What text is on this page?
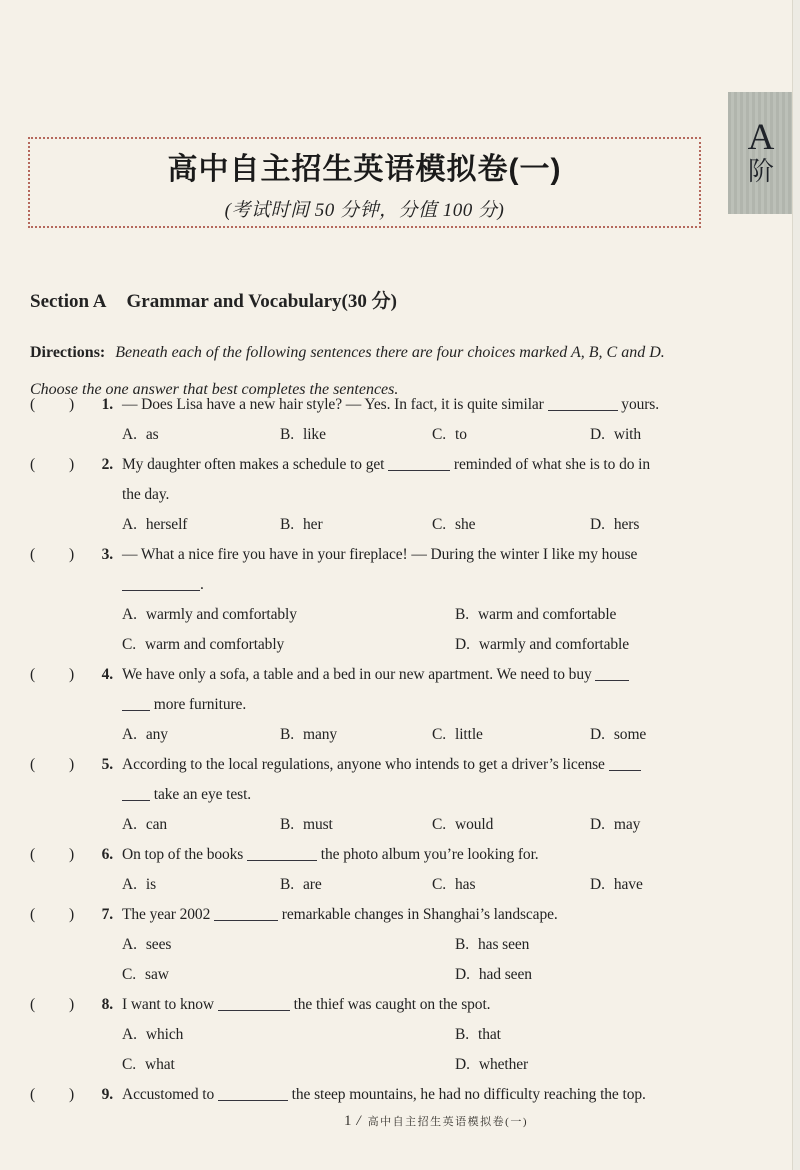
高中自主招生英语模拟卷(一)
(考试时间 50 分钟，分值 100 分)
A
阶
Section A Grammar and Vocabulary(30 分)
Directions: Beneath each of the following sentences there are four choices marked A, B, C and D.
Choose the one answer that best completes the sentences.
( )	1. — Does Lisa have a new hair style? — Yes. In fact, it is quite similar	yours.
A. as	B. like	C. to	D. with
( )	2. My daughter often makes a schedule to get	reminded of what she is to do in
the day.
A. herself	B. her	C. she	D. hers
( )	3. — What a nice fire you have in your fireplace! — During the winter I like my house
.
A. warmly and comfortably	B. warm and comfortable
C. warm and comfortably	D. warmly and comfortable
( )	4. We have only a sofa, a table and a bed in our new apartment. We need to buy
more furniture.
A. any	B. many	C. little	D. some
( )	5. According to the local regulations, anyone who intends to get a driver’s license
take an eye test.
A. can	B. must	C. would	D. may
( )	6. On top of the books	the photo album you’re looking for.
A. is	B. are	C. has	D. have
( )	7. The year 2002	remarkable changes in Shanghai’s landscape.
A. sees	B. has seen
C. saw	D. had seen
( )	8. I want to know	the thief was caught on the spot.
A. which	B. that
C. what	D. whether
( )	9. Accustomed to	the steep mountains, he had no difficulty reaching the top.
1 / 高中自主招生英语模拟卷(一)
